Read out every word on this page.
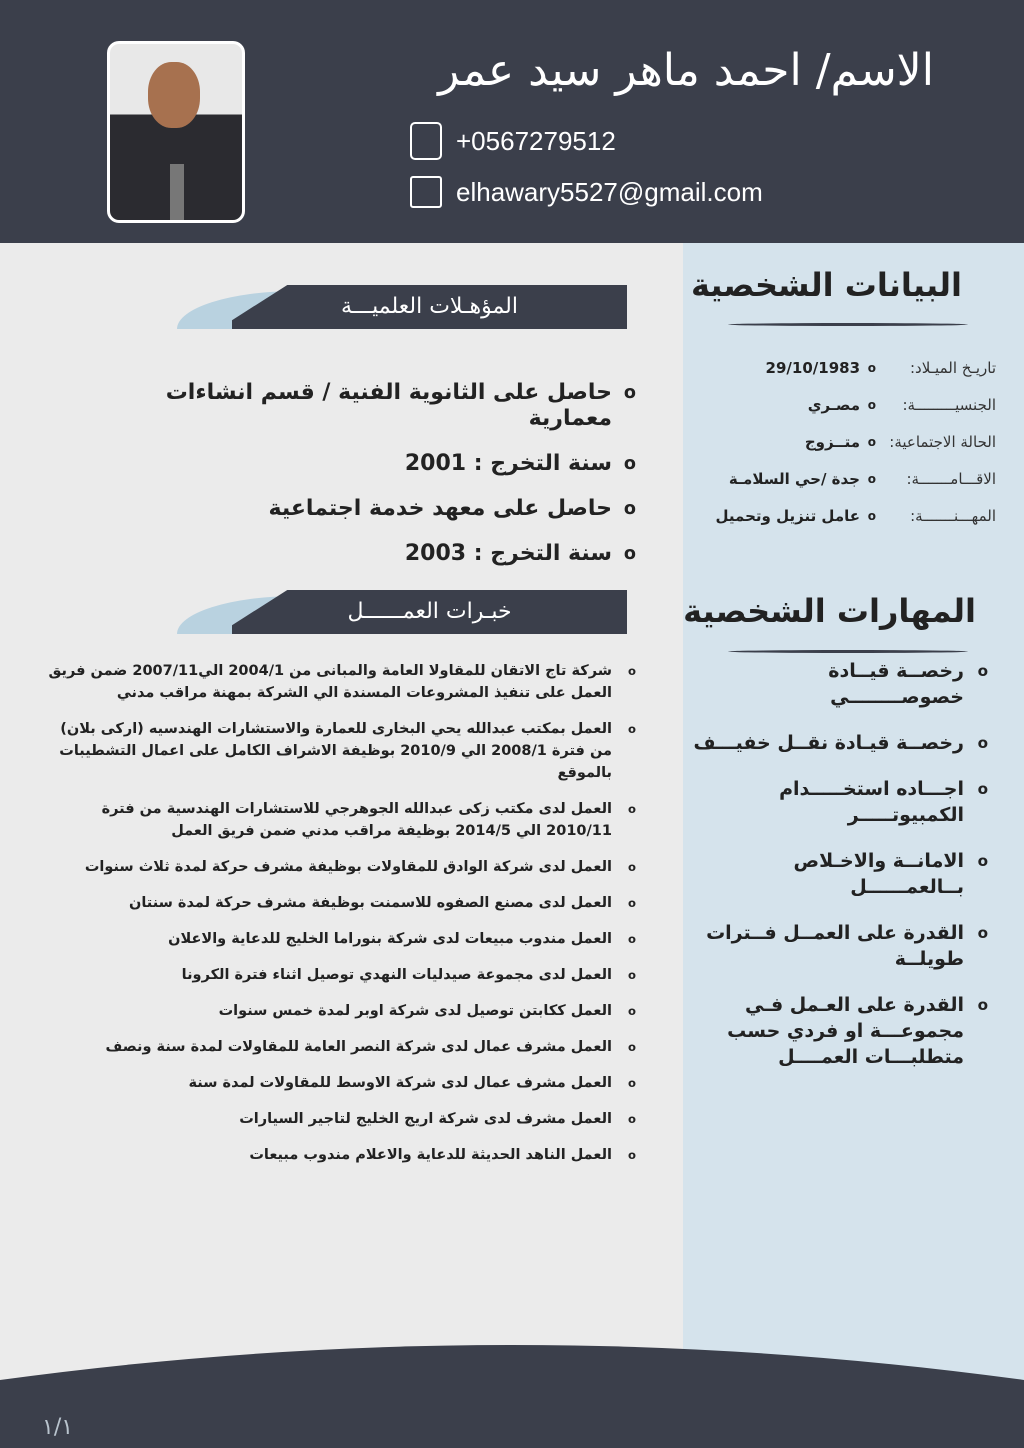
الاسم/ احمد ماهر سيد عمر
+0567279512
elhawary5527@gmail.com
البيانات الشخصية
تاريـخ الميـلاد:
o 29/10/1983
الجنسيـــــــــة:
o مصـري
الحالة الاجتماعية:
o متــزوج
الاقـــامـــــــة:
o جدة /حي السلامـة
المهـــنـــــــة:
o عامل تنزيل وتحميل
المهارات الشخصية
o رخصــة قيــادة خصوصــــــــي
o رخصــة قيـادة نقــل خفيـــف
o اجـــاده استخـــــدام الكمبيوتـــــر
o الامانــة والاخـلاص بــالعمــــــل
o القدرة على العمــل فــترات طويلــة
o القدرة على العـمل فـي مجموعـــة او فردي حسب متطلبـــات العمــــل
المؤهـلات العلميـــة
o حاصل على الثانوية الفنية / قسم انشاءات معمارية
o سنة التخرج : 2001
o حاصل على معهد خدمة اجتماعية
o سنة التخرج : 2003
خبـرات العمــــــل
o شركة تاج الاتقان للمقاولا العامة والمبانى من 2004/1 الي2007/11 ضمن فريق العمل على تنفيذ المشروعات المسندة الي الشركة بمهنة مراقب مدني
o العمل بمكتب عبدالله يحي البخارى للعمارة والاستشارات الهندسيه (اركى بلان) من فترة 2008/1 الي 2010/9 بوظيفة الاشراف الكامل على اعمال التشطيبات بالموقع
o العمل لدى مكتب زكى عبدالله الجوهرجي للاستشارات الهندسية من فترة 2010/11 الي 2014/5 بوظيفة مراقب مدني ضمن فريق العمل
o العمل لدى شركة الوادق للمقاولات بوظيفة مشرف حركة لمدة ثلاث سنوات
o العمل لدى مصنع الصفوه للاسمنت بوظيفة مشرف حركة لمدة سنتان
o العمل مندوب مبيعات لدى شركة بنوراما الخليج للدعاية والاعلان
o العمل لدى مجموعة صيدليات النهدي توصيل اثناء فترة الكرونا
o العمل ككابتن توصيل لدى شركة اوبر لمدة خمس سنوات
o العمل مشرف عمال لدى شركة النصر العامة للمقاولات لمدة سنة ونصف
o العمل مشرف عمال لدى شركة الاوسط للمقاولات لمدة سنة
o العمل مشرف لدى شركة اريج الخليج لتاجير السيارات
o العمل الناهد الحديثة للدعاية والاعلام مندوب مبيعات
١/١
